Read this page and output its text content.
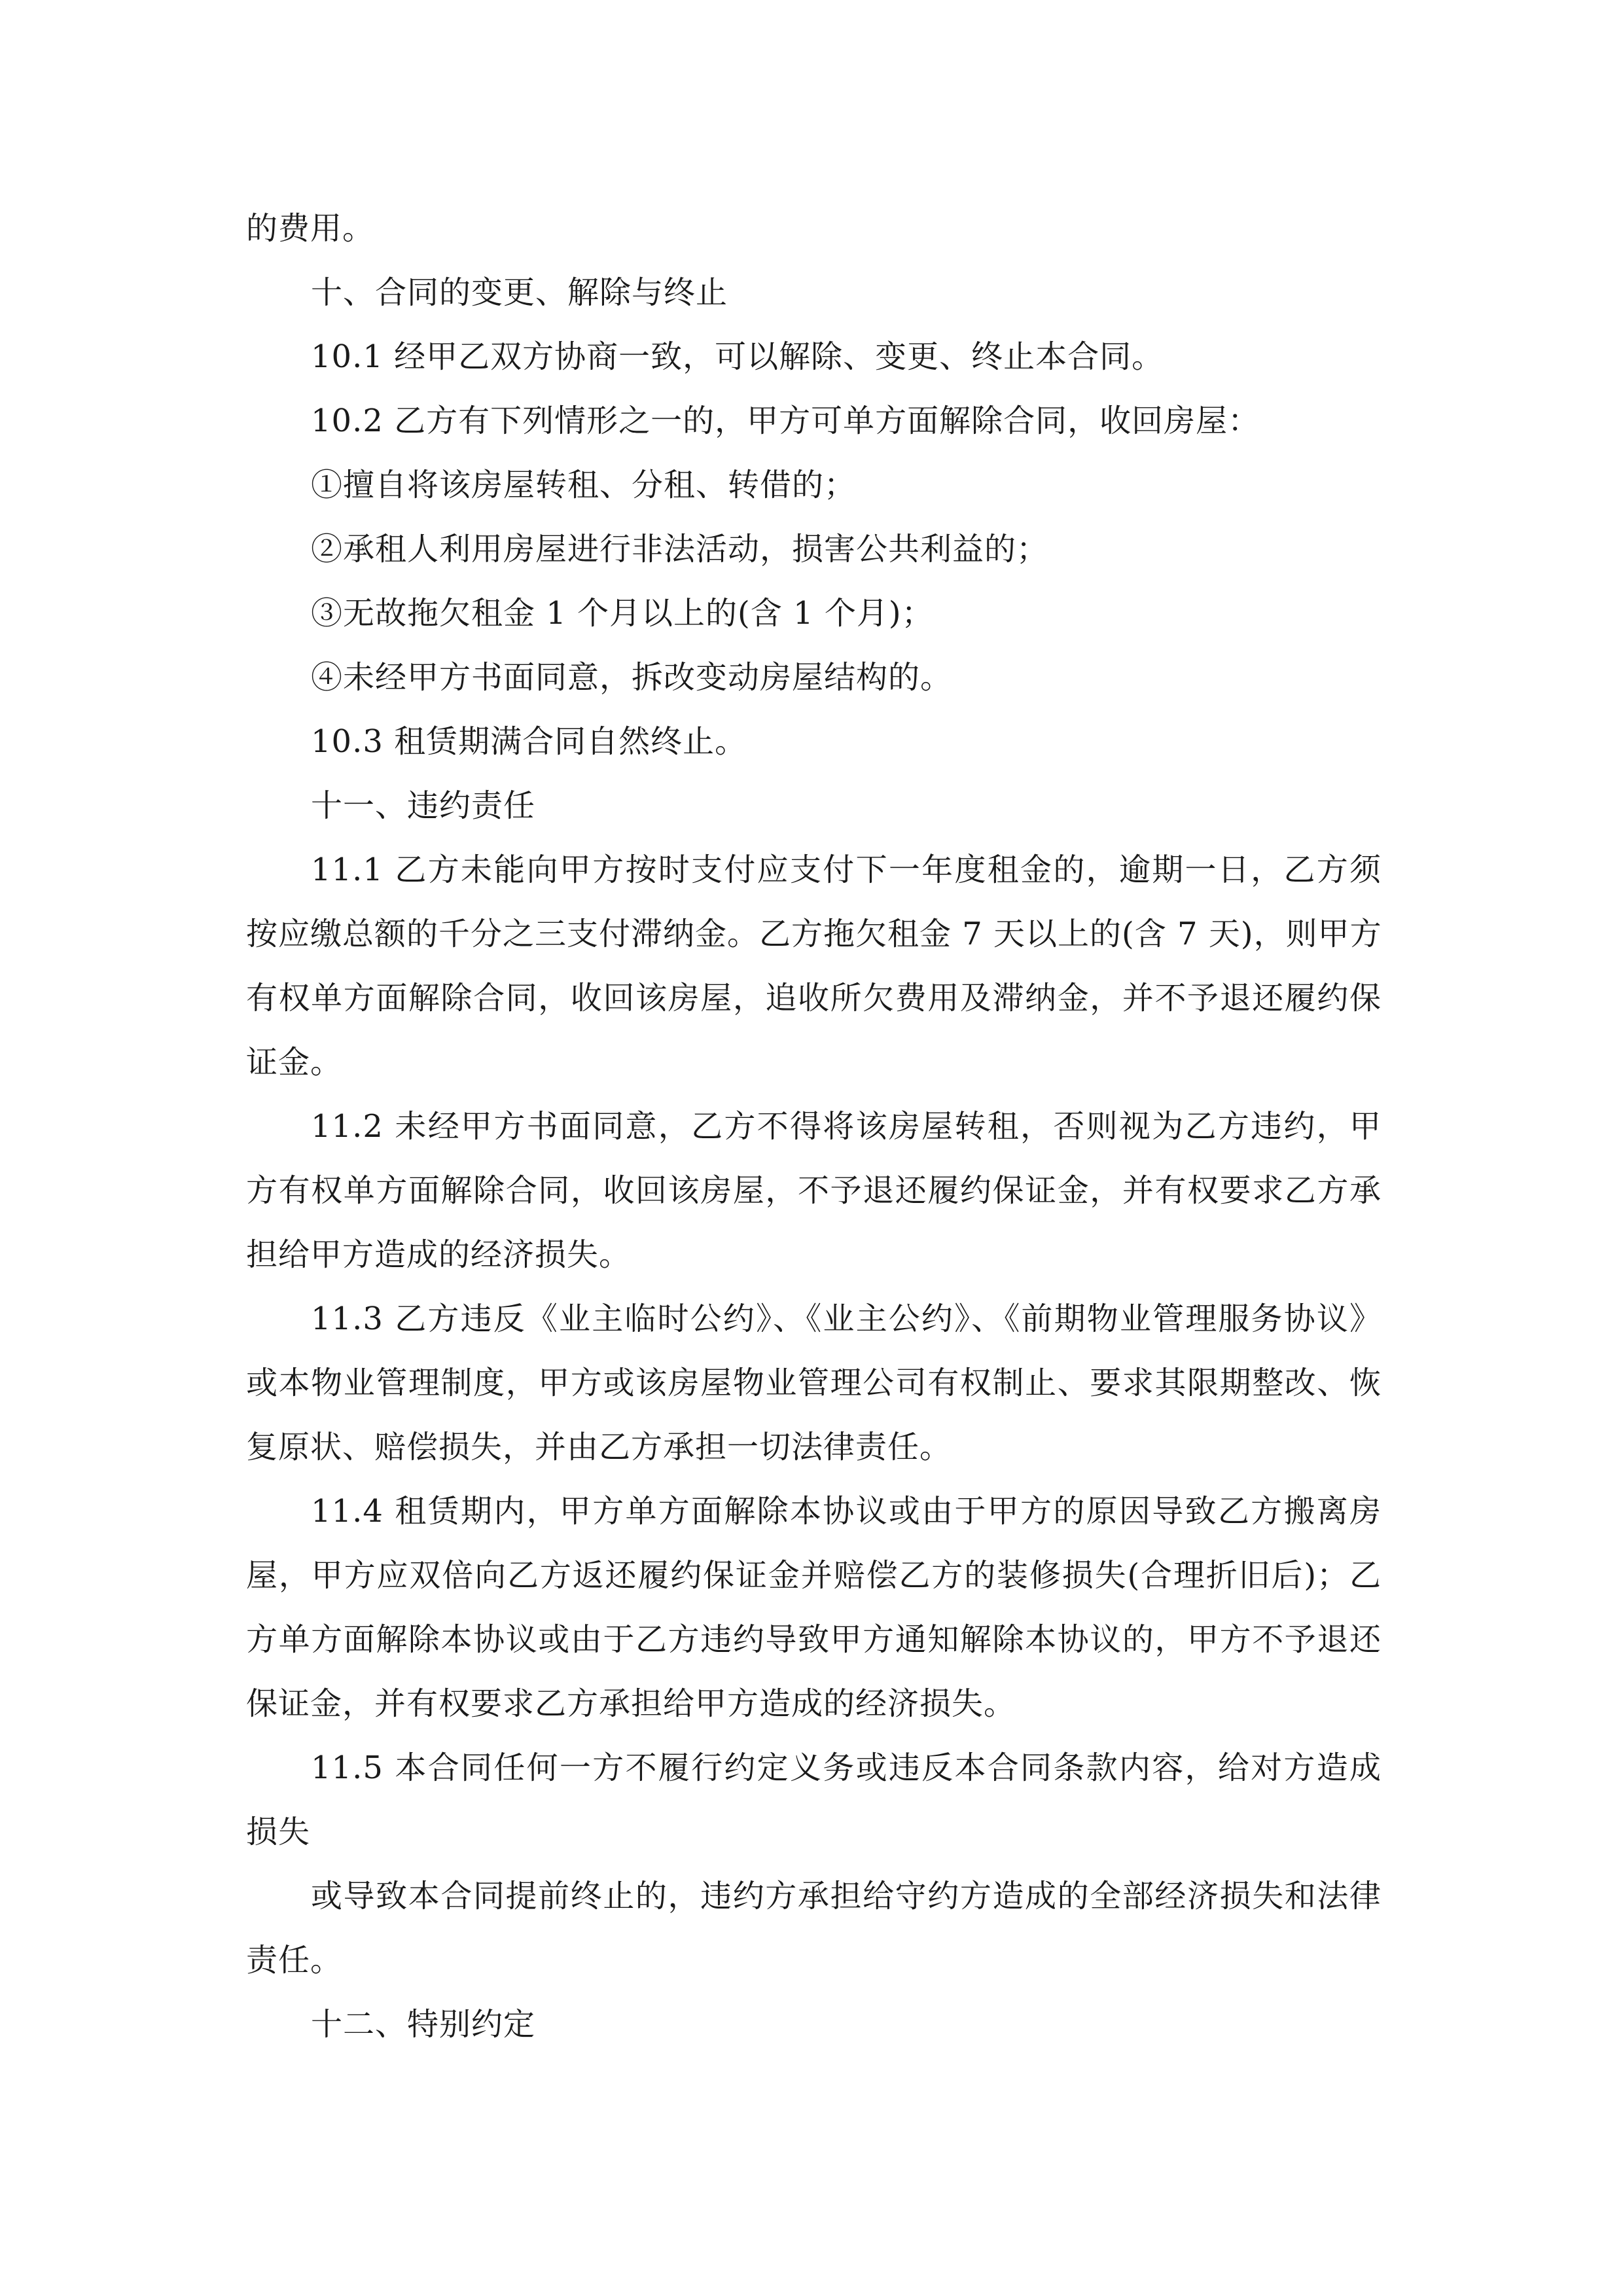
的费用。

十、合同的变更、解除与终止

10.1 经甲乙双方协商一致，可以解除、变更、终止本合同。

10.2 乙方有下列情形之一的，甲方可单方面解除合同，收回房屋：

①擅自将该房屋转租、分租、转借的；

②承租人利用房屋进行非法活动，损害公共利益的；

③无故拖欠租金 1 个月以上的(含 1 个月)；

④未经甲方书面同意，拆改变动房屋结构的。

10.3 租赁期满合同自然终止。

十一、违约责任

11.1 乙方未能向甲方按时支付应支付下一年度租金的，逾期一日，乙方须

按应缴总额的千分之三支付滞纳金。乙方拖欠租金 7 天以上的(含 7 天)，则甲方

有权单方面解除合同，收回该房屋，追收所欠费用及滞纳金，并不予退还履约保

证金。

11.2 未经甲方书面同意，乙方不得将该房屋转租，否则视为乙方违约，甲

方有权单方面解除合同，收回该房屋，不予退还履约保证金，并有权要求乙方承

担给甲方造成的经济损失。

11.3 乙方违反《业主临时公约》、《业主公约》、《前期物业管理服务协议》

或本物业管理制度，甲方或该房屋物业管理公司有权制止、要求其限期整改、恢

复原状、赔偿损失，并由乙方承担一切法律责任。

11.4 租赁期内，甲方单方面解除本协议或由于甲方的原因导致乙方搬离房

屋，甲方应双倍向乙方返还履约保证金并赔偿乙方的装修损失(合理折旧后)；乙

方单方面解除本协议或由于乙方违约导致甲方通知解除本协议的，甲方不予退还

保证金，并有权要求乙方承担给甲方造成的经济损失。

11.5 本合同任何一方不履行约定义务或违反本合同条款内容，给对方造成

损失

或导致本合同提前终止的，违约方承担给守约方造成的全部经济损失和法律

责任。

十二、特别约定
